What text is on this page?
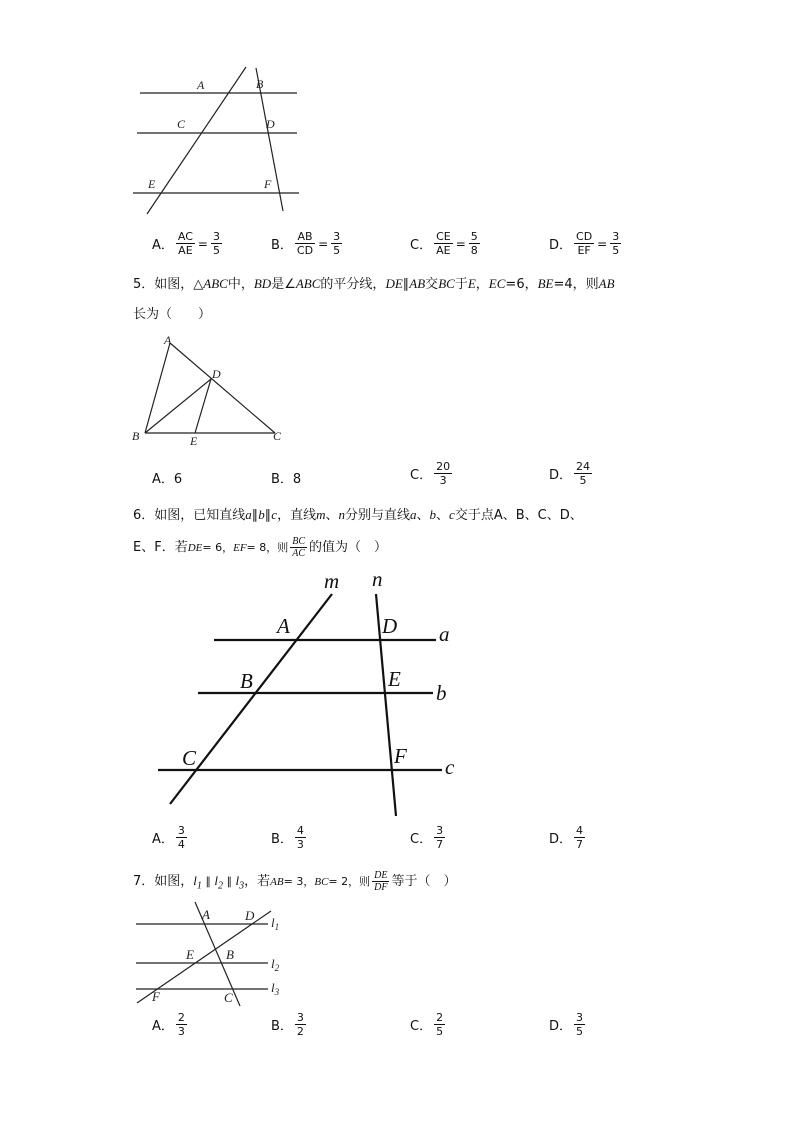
A	B
C	D
E	F
A． $\frac{AC}{AE} = \frac{3}{5}$	B． $\frac{AB}{CD} = \frac{3}{5}$	C． $\frac{CE}{AE} = \frac{5}{8}$	D． $\frac{CD}{EF} = \frac{3}{5}$
5．如图，△ABC中，BD是∠ABC的平分线，DE∥AB交BC于E，EC=6，BE=4，则AB
长为（　　）
A
B	C
D
E
A．6	B．8	C． $\frac{20}{3}$	D． $\frac{24}{5}$
6．如图，已知直线a∥b∥c，直线m、n分别与直线a、b、c交于点A、B、C、D、
E、F．若DE= 6，EF= 8，则 $\frac{BC}{AC}$ 的值为（　）
m n
A
B
C
D
E
F
a
b
c
A． $\frac{3}{4}$	B． $\frac{4}{3}$	C． $\frac{3}{7}$	D． $\frac{4}{7}$
7．如图，$l_1$ ∥ $l_2$ ∥ $l_3$，若AB= 3，BC= 2，则 $\frac{DE}{DF}$ 等于（　）
A	D
E B
F	C
$l_1$
$l_2$
$l_3$
A． $\frac{2}{3}$	B． $\frac{3}{2}$	C． $\frac{2}{5}$	D． $\frac{3}{5}$
